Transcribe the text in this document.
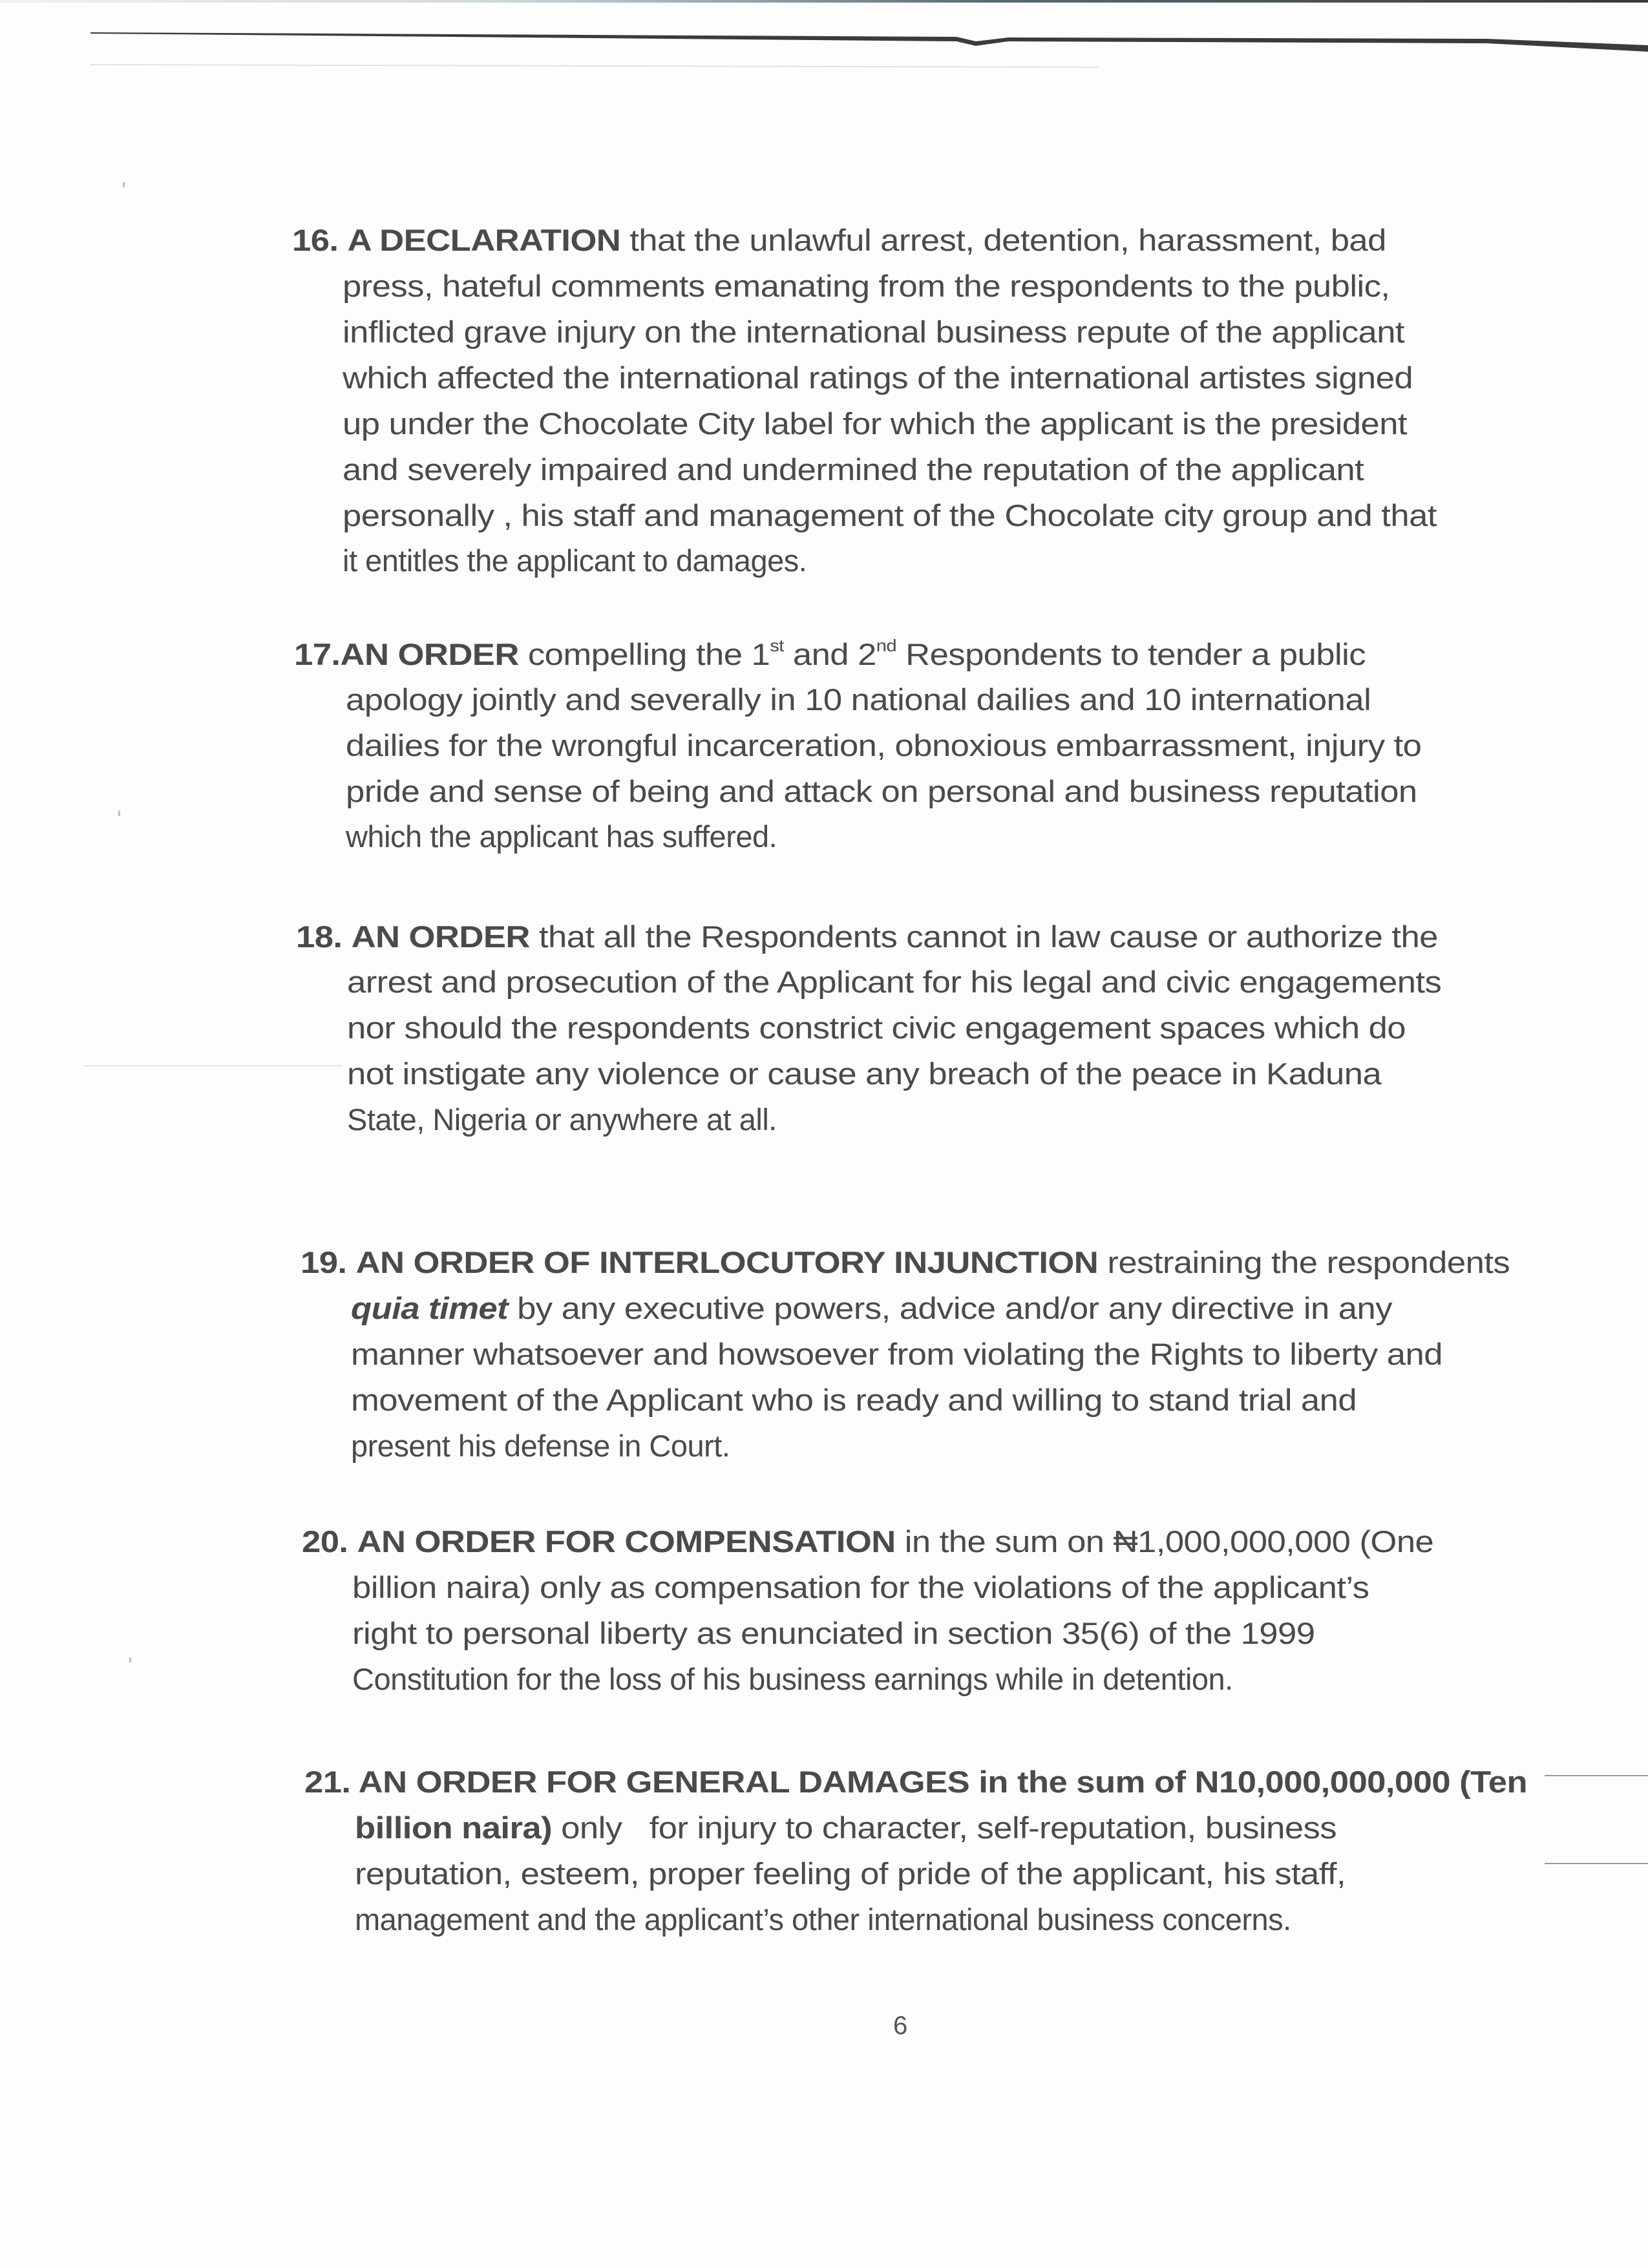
16. A DECLARATION that the unlawful arrest, detention, harassment, bad
press, hateful comments emanating from the respondents to the public,
inflicted grave injury on the international business repute of the applicant
which affected the international ratings of the international artistes signed
up under the Chocolate City label for which the applicant is the president
and severely impaired and undermined the reputation of the applicant
personally , his staff and management of the Chocolate city group and that
it entitles the applicant to damages.
17.AN ORDER compelling the 1st and 2nd Respondents to tender a public
apology jointly and severally in 10 national dailies and 10 international
dailies for the wrongful incarceration, obnoxious embarrassment, injury to
pride and sense of being and attack on personal and business reputation
which the applicant has suffered.
18. AN ORDER that all the Respondents cannot in law cause or authorize the
arrest and prosecution of the Applicant for his legal and civic engagements
nor should the respondents constrict civic engagement spaces which do
not instigate any violence or cause any breach of the peace in Kaduna
State, Nigeria or anywhere at all.
19. AN ORDER OF INTERLOCUTORY INJUNCTION restraining the respondents
quia timet by any executive powers, advice and/or any directive in any
manner whatsoever and howsoever from violating the Rights to liberty and
movement of the Applicant who is ready and willing to stand trial and
present his defense in Court.
20. AN ORDER FOR COMPENSATION in the sum on ₦1,000,000,000 (One
billion naira) only as compensation for the violations of the applicant’s
right to personal liberty as enunciated in section 35(6) of the 1999
Constitution for the loss of his business earnings while in detention.
21. AN ORDER FOR GENERAL DAMAGES in the sum of N10,000,000,000 (Ten
billion naira) only   for injury to character, self-reputation, business
reputation, esteem, proper feeling of pride of the applicant, his staff,
management and the applicant’s other international business concerns.
6
